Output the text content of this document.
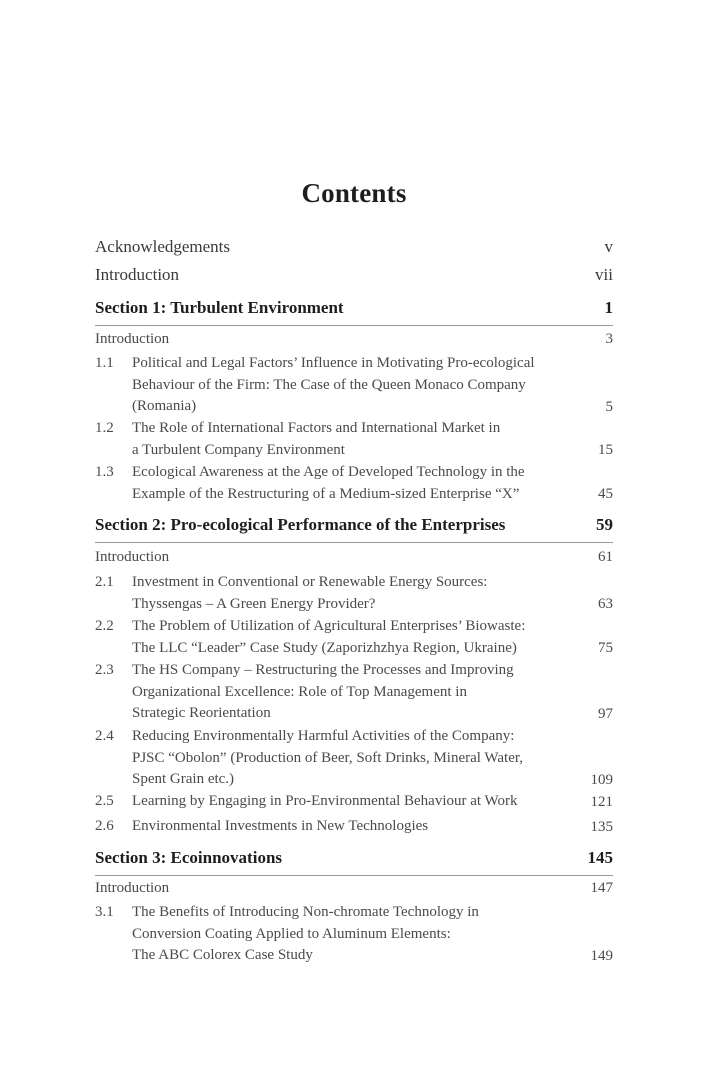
Contents
Acknowledgements	v
Introduction	vii
Section 1: Turbulent Environment	1
Introduction	3
1.1	Political and Legal Factors’ Influence in Motivating Pro-ecological
Behaviour of the Firm: The Case of the Queen Monaco Company
(Romania)	5
1.2	The Role of International Factors and International Market in
a Turbulent Company Environment	15
1.3	Ecological Awareness at the Age of Developed Technology in the
Example of the Restructuring of a Medium-sized Enterprise “X”	45
Section 2: Pro-ecological Performance of the Enterprises	59
Introduction	61
2.1	Investment in Conventional or Renewable Energy Sources:
Thyssengas – A Green Energy Provider?	63
2.2	The Problem of Utilization of Agricultural Enterprises’ Biowaste:
The LLC “Leader” Case Study (Zaporizhzhya Region, Ukraine)	75
2.3	The HS Company – Restructuring the Processes and Improving
Organizational Excellence: Role of Top Management in
Strategic Reorientation	97
2.4	Reducing Environmentally Harmful Activities of the Company:
PJSC “Obolon” (Production of Beer, Soft Drinks, Mineral Water,
Spent Grain etc.)	109
2.5	Learning by Engaging in Pro-Environmental Behaviour at Work	121
2.6	Environmental Investments in New Technologies	135
Section 3: Ecoinnovations	145
Introduction	147
3.1	The Benefits of Introducing Non-chromate Technology in
Conversion Coating Applied to Aluminum Elements:
The ABC Colorex Case Study	149
